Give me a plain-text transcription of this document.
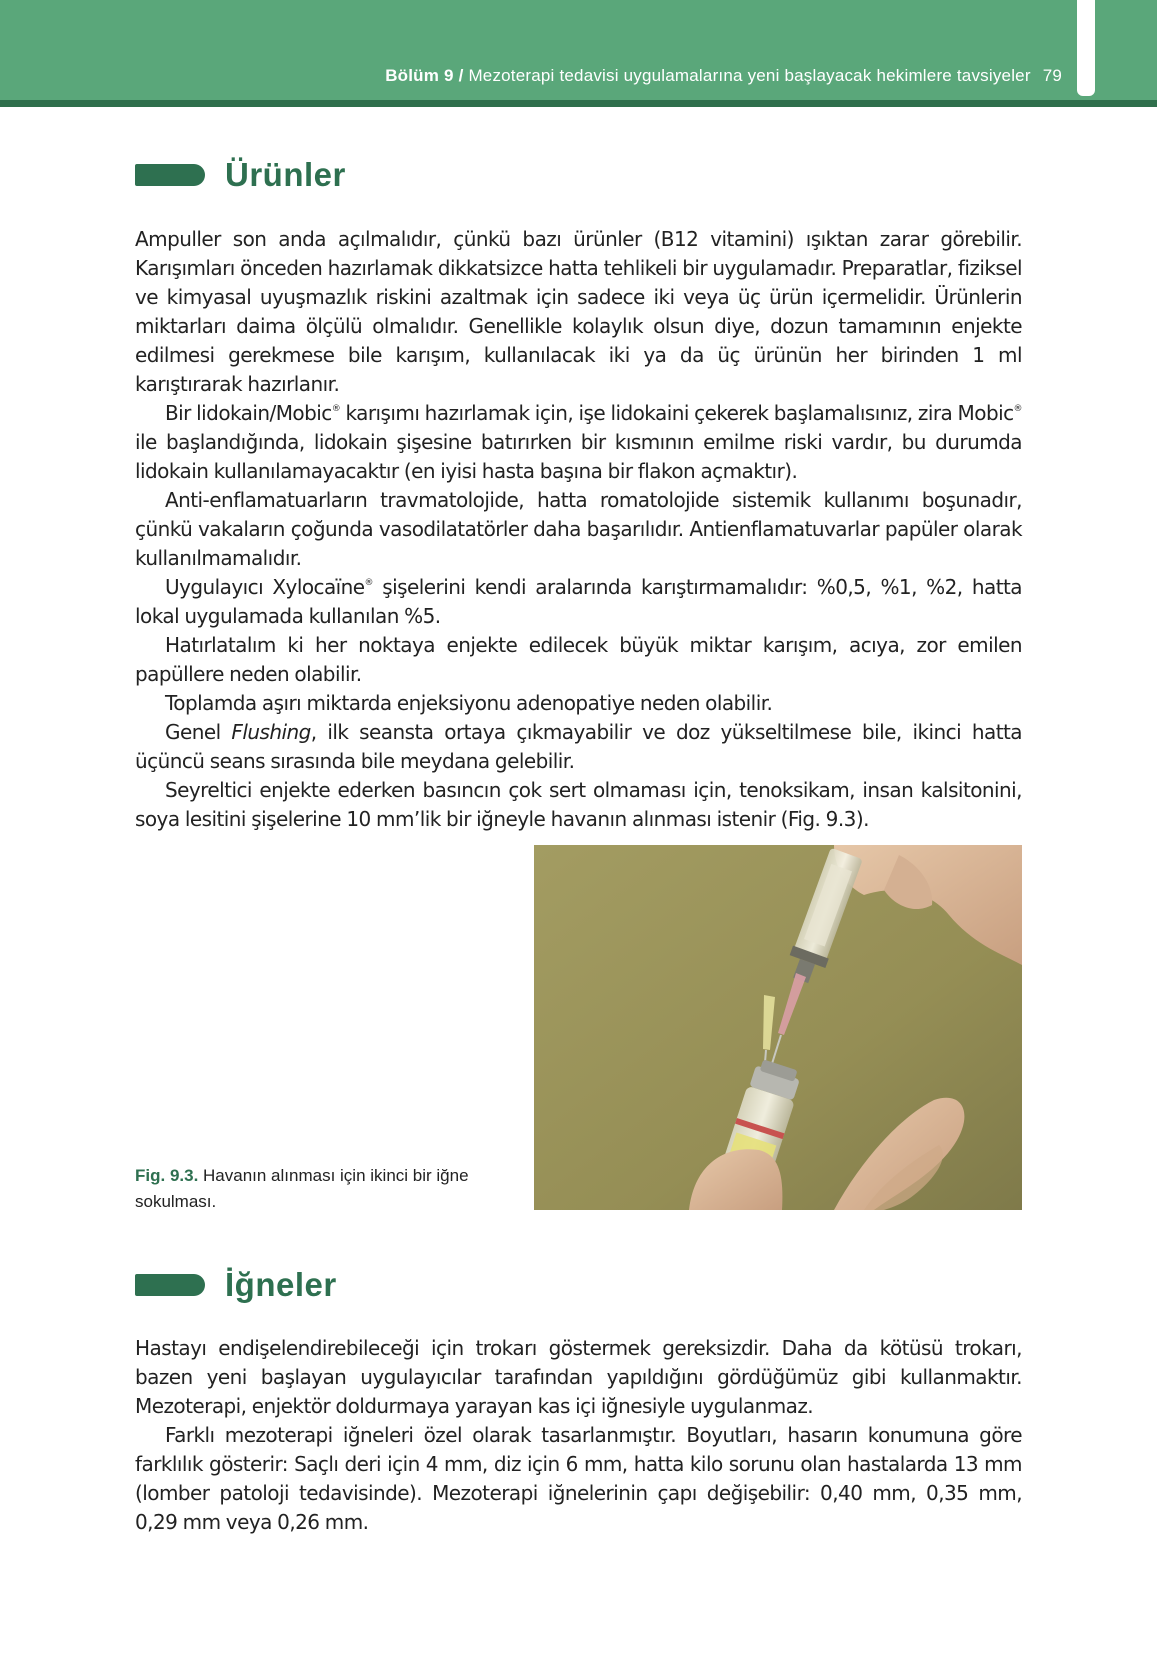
Bölüm 9 / Mezoterapi tedavisi uygulamalarına yeni başlayacak hekimlere tavsiyeler 79
Ürünler

Ampuller son anda açılmalıdır, çünkü bazı ürünler (B12 vitamini) ışıktan zarar görebilir. Karışımları önceden hazırlamak dikkatsizce hatta tehlikeli bir uygulamadır. Preparatlar, fiziksel ve kimyasal uyuşmazlık riskini azaltmak için sadece iki veya üç ürün içermelidir. Ürünlerin miktarları daima ölçülü olmalıdır. Genellikle kolaylık olsun diye, dozun tamamının enjekte edilmesi gerekmese bile karışım, kullanılacak iki ya da üç ürünün her birinden 1 ml karıştırarak hazırlanır.

Bir lidokain/Mobic® karışımı hazırlamak için, işe lidokaini çekerek başlamalısınız, zira Mobic® ile başlandığında, lidokain şişesine batırırken bir kısmının emilme riski vardır, bu durumda lidokain kullanılamayacaktır (en iyisi hasta başına bir flakon açmaktır).

Anti-enflamatuarların travmatolojide, hatta romatolojide sistemik kullanımı boşunadır, çünkü vakaların çoğunda vasodilatatörler daha başarılıdır. Antienflamatuvarlar papüler olarak kullanılmamalıdır.

Uygulayıcı Xylocaïne® şişelerini kendi aralarında karıştırmamalıdır: %0,5, %1, %2, hatta lokal uygulamada kullanılan %5.

Hatırlatalım ki her noktaya enjekte edilecek büyük miktar karışım, acıya, zor emilen papüllere neden olabilir.

Toplamda aşırı miktarda enjeksiyonu adenopatiye neden olabilir.

Genel Flushing, ilk seansta ortaya çıkmayabilir ve doz yükseltilmese bile, ikinci hatta üçüncü seans sırasında bile meydana gelebilir.

Seyreltici enjekte ederken basıncın çok sert olmaması için, tenoksikam, insan kalsitonini, soya lesitini şişelerine 10 mm’lik bir iğneyle havanın alınması istenir (Fig. 9.3).

Fig. 9.3. Havanın alınması için ikinci bir iğne sokulması.
İğneler

Hastayı endişelendirebileceği için trokarı göstermek gereksizdir. Daha da kötüsü trokarı, bazen yeni başlayan uygulayıcılar tarafından yapıldığını gördüğümüz gibi kullanmaktır. Mezoterapi, enjektör doldurmaya yarayan kas içi iğnesiyle uygulanmaz.

Farklı mezoterapi iğneleri özel olarak tasarlanmıştır. Boyutları, hasarın konumuna göre farklılık gösterir: Saçlı deri için 4 mm, diz için 6 mm, hatta kilo sorunu olan hastalarda 13 mm (lomber patoloji tedavisinde). Mezoterapi iğnelerinin çapı değişebilir: 0,40 mm, 0,35 mm, 0,29 mm veya 0,26 mm.
